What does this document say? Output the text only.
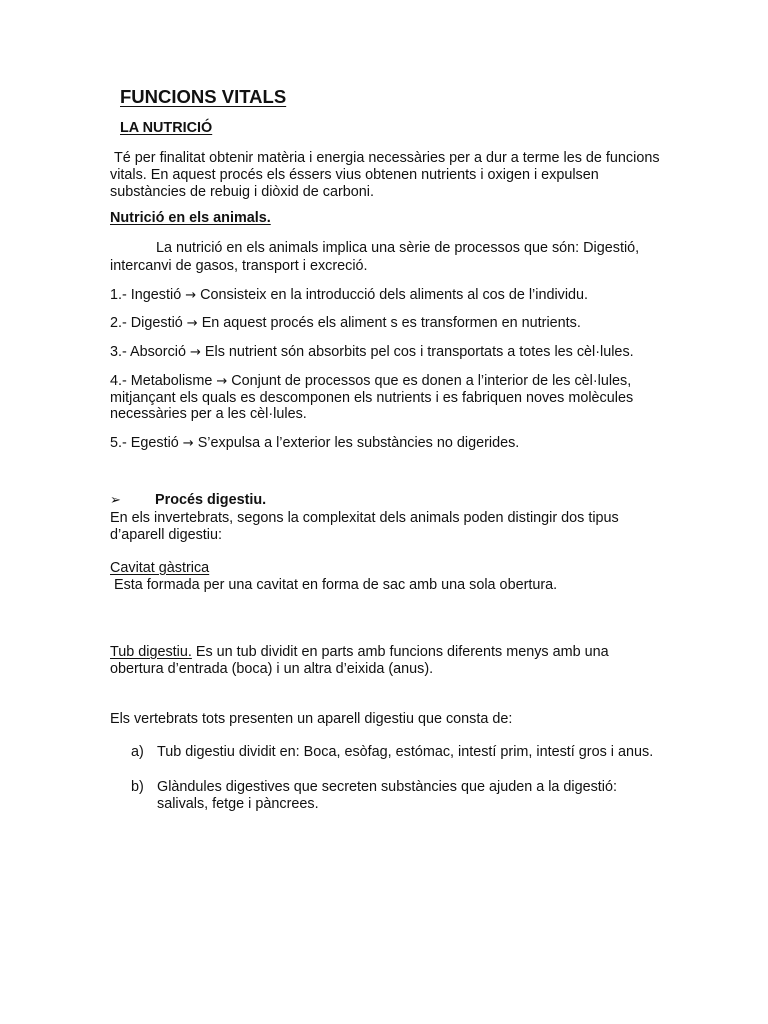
FUNCIONS VITALS
LA NUTRICIÓ

Té per finalitat obtenir matèria i energia necessàries per a dur a terme les de funcions

vitals. En aquest procés els éssers vius obtenen nutrients i oxigen i expulsen

substàncies de rebuig i diòxid de carboni.

Nutrició en els animals.

La nutrició en els animals implica una sèrie de processos que són: Digestió,

intercanvi de gasos, transport i excreció.

1.- Ingestió → Consisteix en la introducció dels aliments al cos de l’individu.
2.- Digestió → En aquest procés els aliment s es transformen en nutrients.
3.- Absorció → Els nutrient són absorbits pel cos i transportats a totes les cèl·lules.
4.- Metabolisme → Conjunt de processos que es donen a l’interior de les cèl·lules,

mitjançant els quals es descomponen els nutrients i es fabriquen noves molècules

necessàries per a les cèl·lules.

5.- Egestió → S’expulsa a l’exterior les substàncies no digerides.
➢ Procés digestiu.

En els invertebrats, segons la complexitat dels animals poden distingir dos tipus

d’aparell digestiu:

Cavitat gàstrica

Esta formada per una cavitat en forma de sac amb una sola obertura.

Tub digestiu. Es un tub dividit en parts amb funcions diferents menys amb una

obertura d’entrada (boca) i un altra d’eixida (anus).

Els vertebrats tots presenten un aparell digestiu que consta de:

a) Tub digestiu dividit en: Boca, esòfag, estómac, intestí prim, intestí gros i anus.

b) Glàndules digestives que secreten substàncies que ajuden a la digestió:

salivals, fetge i pàncrees.
